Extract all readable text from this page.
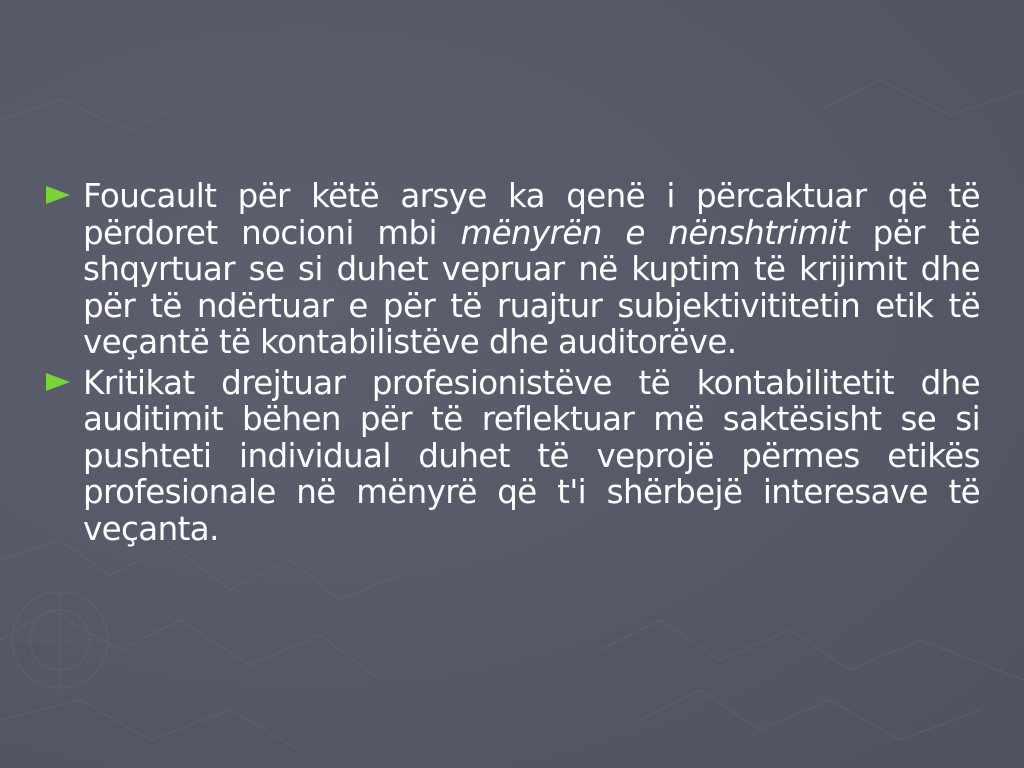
Foucault për këtë arsye ka qenë i përcaktuar që të përdoret nocioni mbi mënyrën e nënshtrimit për të shqyrtuar se si duhet vepruar në kuptim të krijimit dhe për të ndërtuar e për të ruajtur subjektivititetin etik të veçantë të kontabilistëve dhe auditorëve.
Kritikat drejtuar profesionistëve të kontabilitetit dhe auditimit bëhen për të reflektuar më saktësisht se si pushteti individual duhet të veprojë përmes etikës profesionale në mënyrë që t'i shërbejë interesave të veçanta.
